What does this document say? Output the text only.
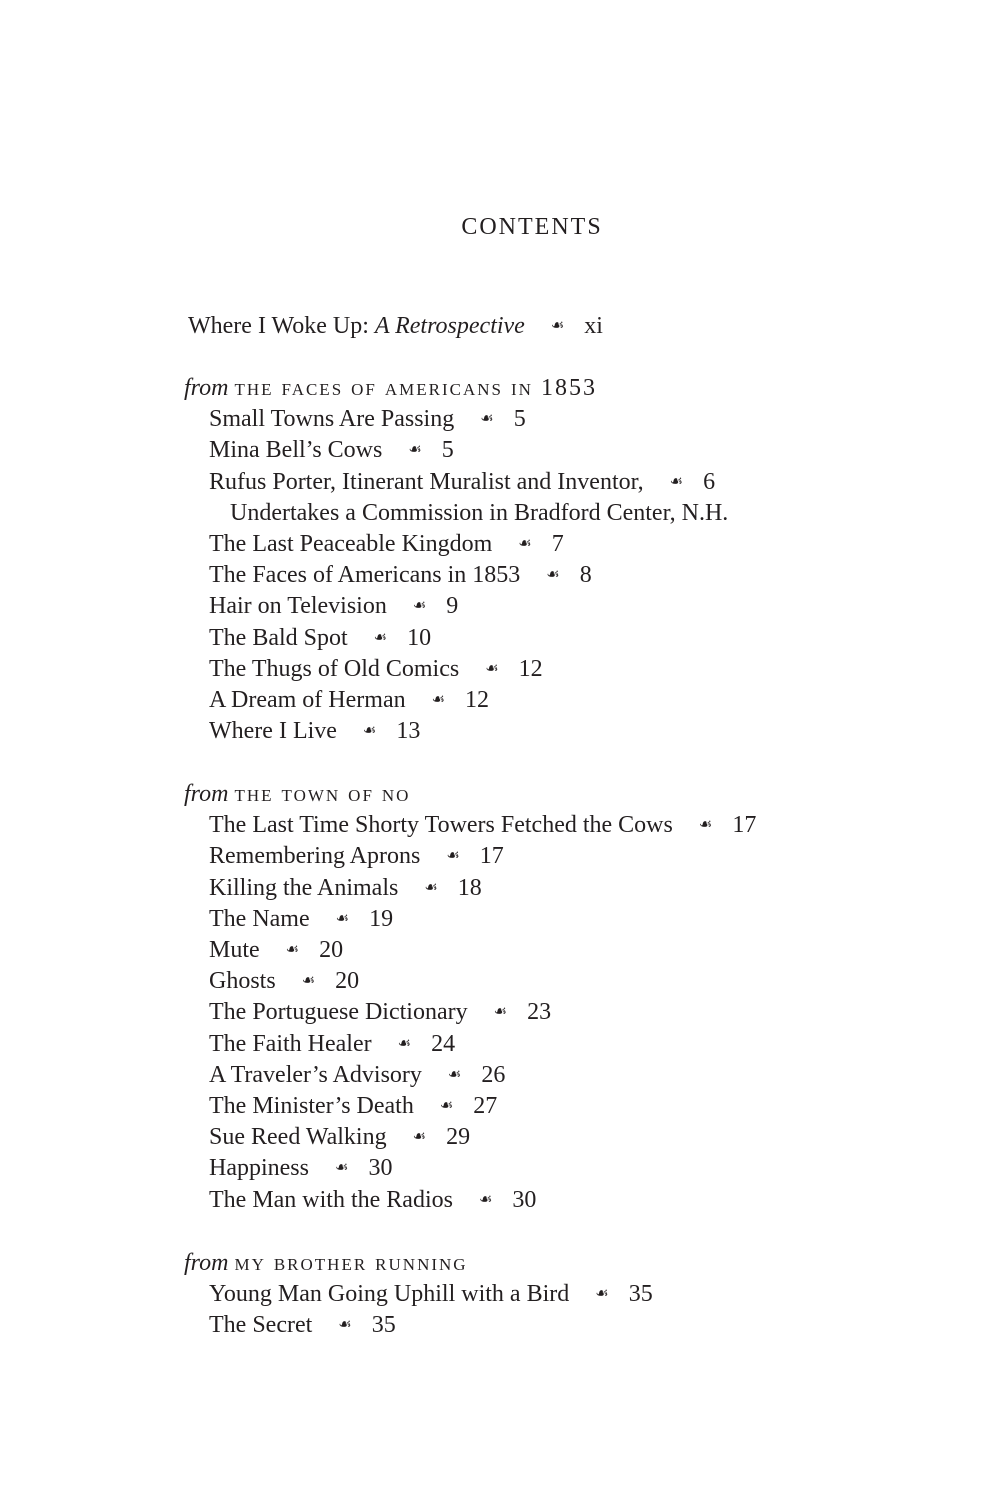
CONTENTS
Where I Woke Up: A Retrospective ☙ xi
from the faces of americans in 1853
Small Towns Are Passing ☙ 5
Mina Bell’s Cows ☙ 5
Rufus Porter, Itinerant Muralist and Inventor, ☙ 6
Undertakes a Commission in Bradford Center, N.H.
The Last Peaceable Kingdom ☙ 7
The Faces of Americans in 1853 ☙ 8
Hair on Television ☙ 9
The Bald Spot ☙ 10
The Thugs of Old Comics ☙ 12
A Dream of Herman ☙ 12
Where I Live ☙ 13
from the town of no
The Last Time Shorty Towers Fetched the Cows ☙ 17
Remembering Aprons ☙ 17
Killing the Animals ☙ 18
The Name ☙ 19
Mute ☙ 20
Ghosts ☙ 20
The Portuguese Dictionary ☙ 23
The Faith Healer ☙ 24
A Traveler’s Advisory ☙ 26
The Minister’s Death ☙ 27
Sue Reed Walking ☙ 29
Happiness ☙ 30
The Man with the Radios ☙ 30
from my brother running
Young Man Going Uphill with a Bird ☙ 35
The Secret ☙ 35
